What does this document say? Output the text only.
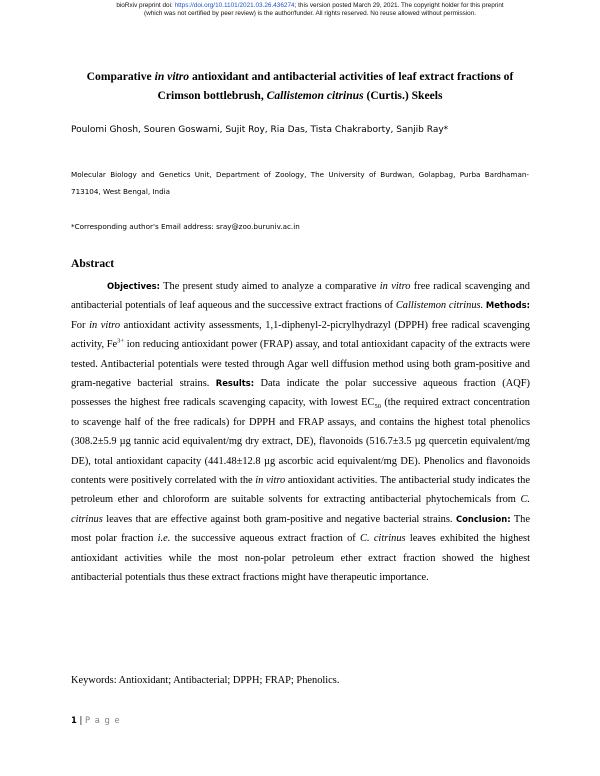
bioRxiv preprint doi: https://doi.org/10.1101/2021.03.26.436274; this version posted March 29, 2021. The copyright holder for this preprint
(which was not certified by peer review) is the author/funder. All rights reserved. No reuse allowed without permission.
Comparative in vitro antioxidant and antibacterial activities of leaf extract fractions of
Crimson bottlebrush, Callistemon citrinus (Curtis.) Skeels
Poulomi Ghosh, Souren Goswami, Sujit Roy, Ria Das, Tista Chakraborty, Sanjib Ray*
Molecular Biology and Genetics Unit, Department of Zoology, The University of Burdwan, Golapbag, Purba Bardhaman-713104, West Bengal, India
*Corresponding author's Email address: sray@zoo.buruniv.ac.in
Abstract
Objectives: The present study aimed to analyze a comparative in vitro free radical scavenging and antibacterial potentials of leaf aqueous and the successive extract fractions of Callistemon citrinus. Methods: For in vitro antioxidant activity assessments, 1,1-diphenyl-2-picrylhydrazyl (DPPH) free radical scavenging activity, $Fe^{3+}$ ion reducing antioxidant power (FRAP) assay, and total antioxidant capacity of the extracts were tested. Antibacterial potentials were tested through Agar well diffusion method using both gram-positive and gram-negative bacterial strains. Results: Data indicate the polar successive aqueous fraction (AQF) possesses the highest free radicals scavenging capacity, with lowest $EC_{50}$ (the required extract concentration to scavenge half of the free radicals) for DPPH and FRAP assays, and contains the highest total phenolics (308.2±5.9 µg tannic acid equivalent/mg dry extract, DE), flavonoids (516.7±3.5 µg quercetin equivalent/mg DE), total antioxidant capacity (441.48±12.8 µg ascorbic acid equivalent/mg DE). Phenolics and flavonoids contents were positively correlated with the in vitro antioxidant activities. The antibacterial study indicates the petroleum ether and chloroform are suitable solvents for extracting antibacterial phytochemicals from C. citrinus leaves that are effective against both gram-positive and negative bacterial strains. Conclusion: The most polar fraction i.e. the successive aqueous extract fraction of C. citrinus leaves exhibited the highest antioxidant activities while the most non-polar petroleum ether extract fraction showed the highest antibacterial potentials thus these extract fractions might have therapeutic importance.
Keywords: Antioxidant; Antibacterial; DPPH; FRAP; Phenolics.
1 | P a g e
